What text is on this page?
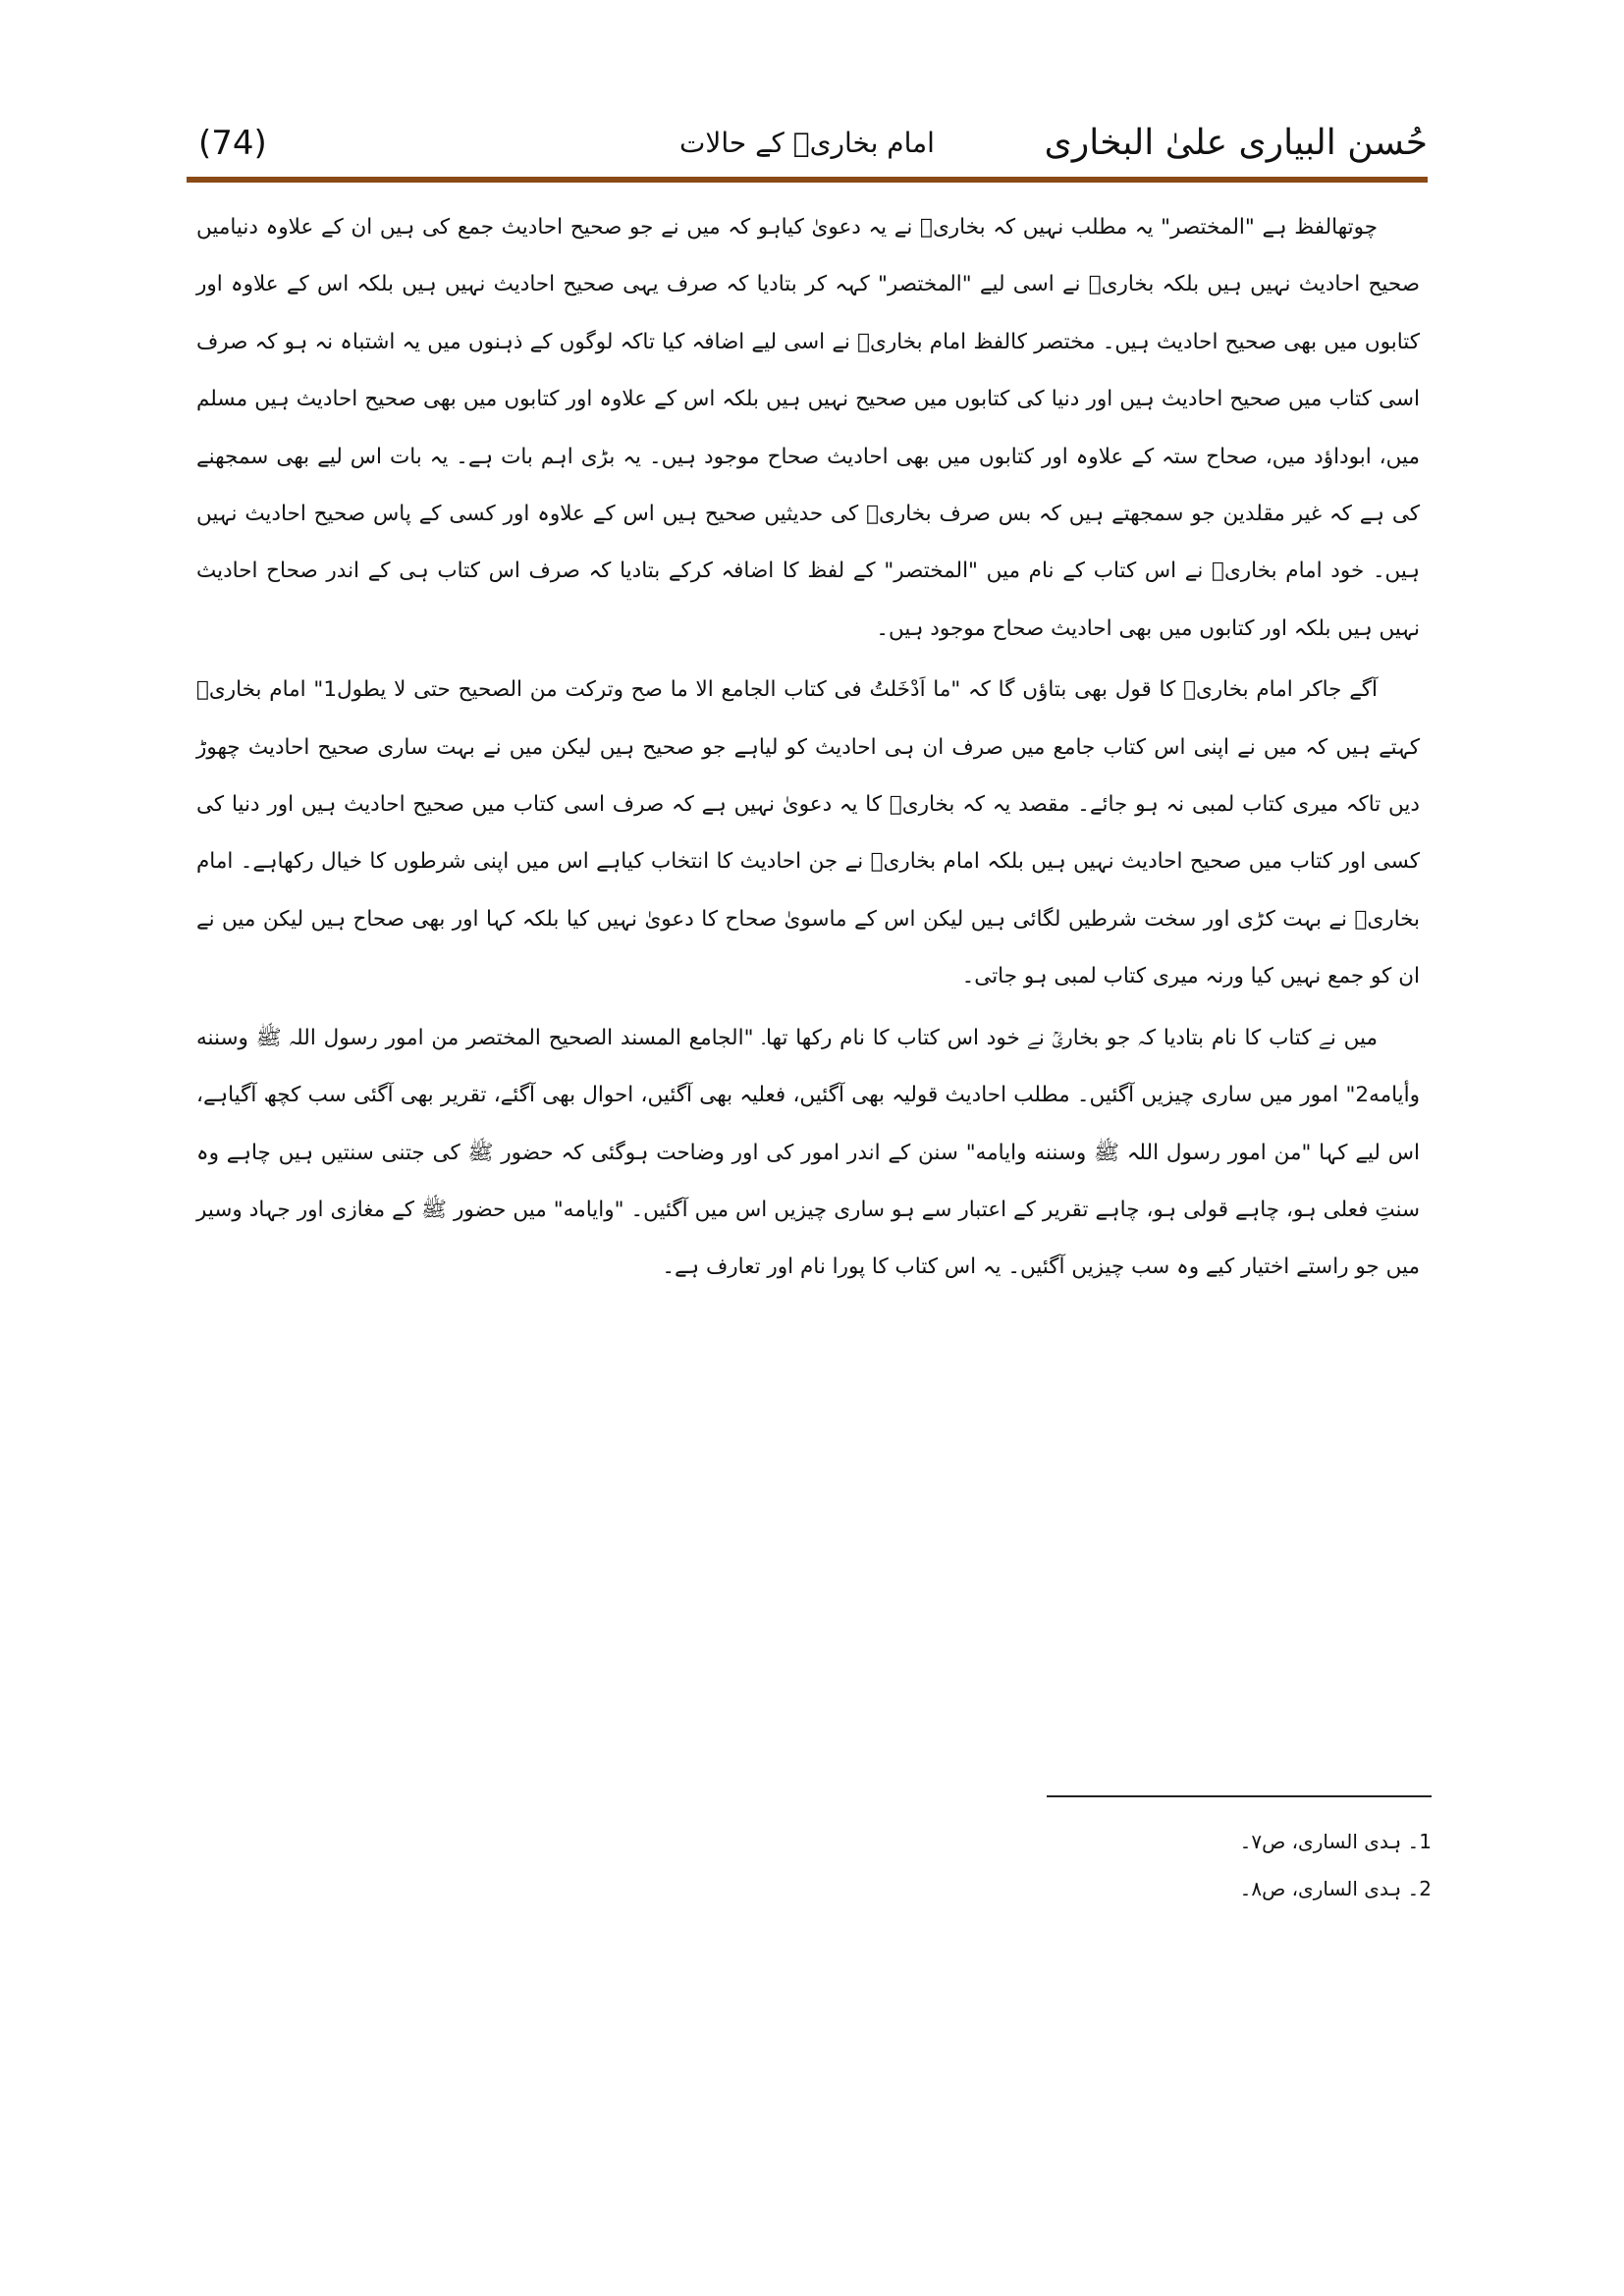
حُسن البیاری علیٰ البخاری
امام بخاریؒ کے حالات
(74)

چوتھالفظ ہے "المختصر" یہ مطلب نہیں کہ بخاریؒ نے یہ دعویٰ کیاہو کہ میں نے جو صحیح احادیث جمع کی ہیں ان کے علاوہ دنیامیں صحیح احادیث نہیں ہیں بلکہ بخاریؒ نے اسی لیے "المختصر" کہہ کر بتادیا کہ صرف یہی صحیح احادیث نہیں ہیں بلکہ اس کے علاوہ اور کتابوں میں بھی صحیح احادیث ہیں۔ مختصر کالفظ امام بخاریؒ نے اسی لیے اضافہ کیا تاکہ لوگوں کے ذہنوں میں یہ اشتباہ نہ ہو کہ صرف اسی کتاب میں صحیح احادیث ہیں اور دنیا کی کتابوں میں صحیح نہیں ہیں بلکہ اس کے علاوہ اور کتابوں میں بھی صحیح احادیث ہیں مسلم میں، ابوداؤد میں، صحاح ستہ کے علاوہ اور کتابوں میں بھی احادیث صحاح موجود ہیں۔ یہ بڑی اہم بات ہے۔ یہ بات اس لیے بھی سمجھنے کی ہے کہ غیر مقلدین جو سمجھتے ہیں کہ بس صرف بخاریؒ کی حدیثیں صحیح ہیں اس کے علاوہ اور کسی کے پاس صحیح احادیث نہیں ہیں۔ خود امام بخاریؒ نے اس کتاب کے نام میں "المختصر" کے لفظ کا اضافہ کرکے بتادیا کہ صرف اس کتاب ہی کے اندر صحاح احادیث نہیں ہیں بلکہ اور کتابوں میں بھی احادیث صحاح موجود ہیں۔

آگے جاکر امام بخاریؒ کا قول بھی بتاؤں گا کہ "ما اَدْخَلتُ فی کتاب الجامع الا ما صح وترکت من الصحیح حتی لا یطول1" امام بخاریؒ کہتے ہیں کہ میں نے اپنی اس کتاب جامع میں صرف ان ہی احادیث کو لیاہے جو صحیح ہیں لیکن میں نے بہت ساری صحیح احادیث چھوڑ دیں تاکہ میری کتاب لمبی نہ ہو جائے۔ مقصد یہ کہ بخاریؒ کا یہ دعویٰ نہیں ہے کہ صرف اسی کتاب میں صحیح احادیث ہیں اور دنیا کی کسی اور کتاب میں صحیح احادیث نہیں ہیں بلکہ امام بخاریؒ نے جن احادیث کا انتخاب کیاہے اس میں اپنی شرطوں کا خیال رکھاہے۔ امام بخاریؒ نے بہت کڑی اور سخت شرطیں لگائی ہیں لیکن اس کے ماسویٰ صحاح کا دعویٰ نہیں کیا بلکہ کہا اور بھی صحاح ہیں لیکن میں نے ان کو جمع نہیں کیا ورنہ میری کتاب لمبی ہو جاتی۔

میں نے کتاب کا نام بتادیا کہ جو بخاریؒ نے خود اس کتاب کا نام رکھا تھا۔ "الجامع المسند الصحیح المختصر من امور رسول اللہ ﷺ وسننه وأیامه2" امور میں ساری چیزیں آگئیں۔ مطلب احادیث قولیہ بھی آگئیں، فعلیہ بھی آگئیں، احوال بھی آگئے، تقریر بھی آگئی سب کچھ آگیاہے، اس لیے کہا "من امور رسول اللہ ﷺ وسننه وایامه" سنن کے اندر امور کی اور وضاحت ہوگئی کہ حضور ﷺ کی جتنی سنتیں ہیں چاہے وہ سنتِ فعلی ہو، چاہے قولی ہو، چاہے تقریر کے اعتبار سے ہو ساری چیزیں اس میں آگئیں۔ "وایامه" میں حضور ﷺ کے مغازی اور جہاد وسیر میں جو راستے اختیار کیے وہ سب چیزیں آگئیں۔ یہ اس کتاب کا پورا نام اور تعارف ہے۔

1۔ ہدی الساری، ص۷۔
2۔ ہدی الساری، ص۸۔
